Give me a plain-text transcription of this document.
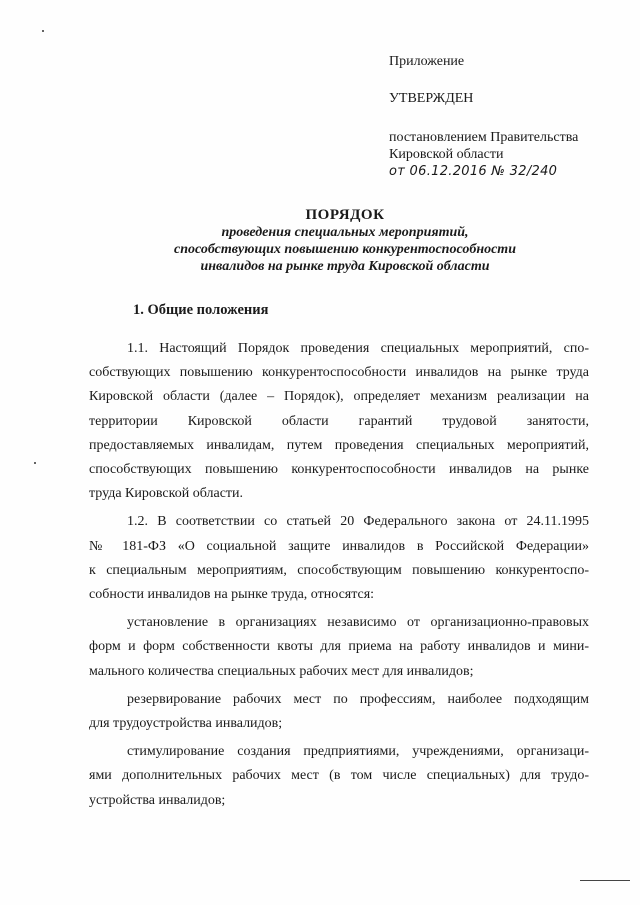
Приложение
УТВЕРЖДЕН
постановлением Правительства
Кировской области
от 06.12.2016 № 32/240
ПОРЯДОК
проведения специальных мероприятий,
способствующих повышению конкурентоспособности
инвалидов на рынке труда Кировской области
1. Общие положения

1.1. Настоящий Порядок проведения специальных мероприятий, спо-
собствующих повышению конкурентоспособности инвалидов на рынке труда
Кировской области (далее – Порядок), определяет механизм реализации на
территории      Кировской      области      гарантий      трудовой      занятости,
предоставляемых инвалидам, путем проведения специальных мероприятий,
способствующих повышению конкурентоспособности инвалидов на рынке
труда Кировской области.

1.2. В соответствии со статьей 20 Федерального закона от 24.11.1995
№ 181-ФЗ «О социальной защите инвалидов в Российской Федерации»
к специальным мероприятиям, способствующим повышению конкурентоспо-
собности инвалидов на рынке труда, относятся:

установление в организациях независимо от организационно-правовых
форм и форм собственности квоты для приема на работу инвалидов и мини-
мального количества специальных рабочих мест для инвалидов;

резервирование рабочих мест по профессиям, наиболее подходящим
для трудоустройства инвалидов;

стимулирование создания предприятиями, учреждениями, организаци-
ями дополнительных рабочих мест (в том числе специальных) для трудо-
устройства инвалидов;
